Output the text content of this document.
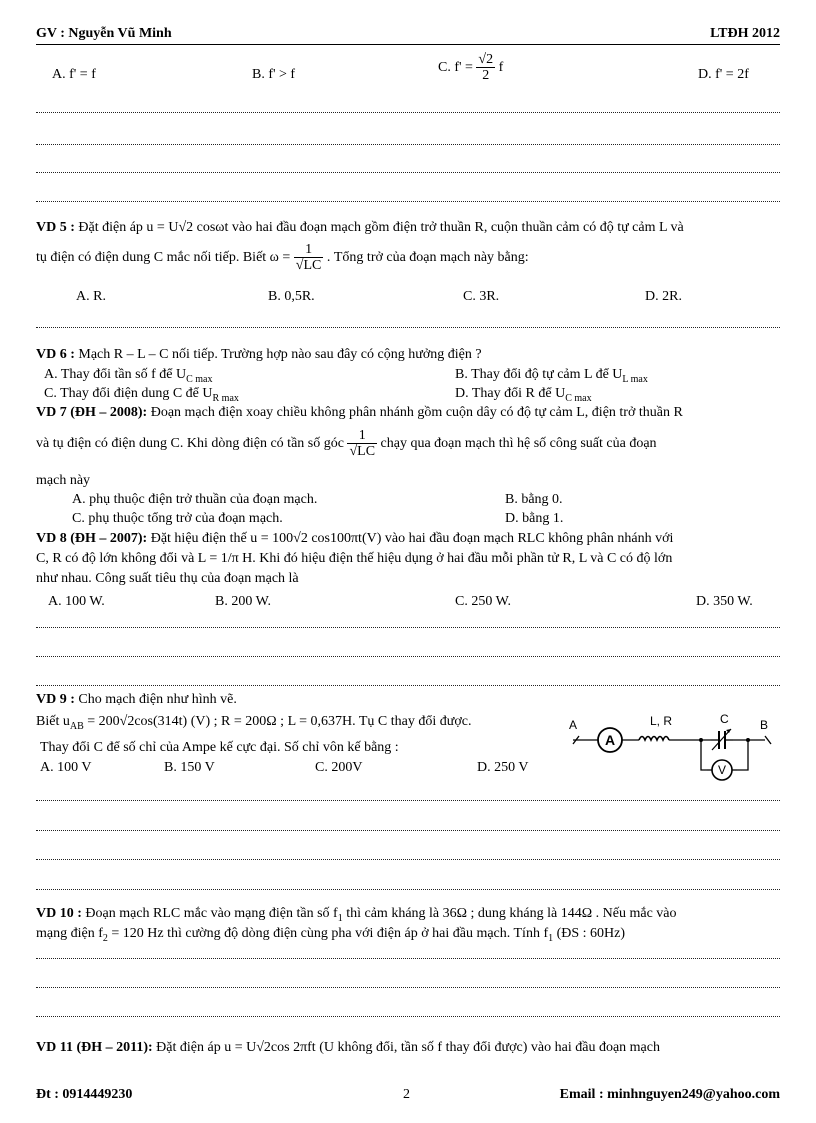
GV : Nguyễn Vũ Minh	LTĐH 2012
A. f' = f	B. f' > f	C. $f' = \frac{√2}{2}$ f	D. f' = 2f
VD 5 : Đặt điện áp u = U√2 cosωt vào hai đầu đoạn mạch gồm điện trở thuần R, cuộn thuần cảm có độ tự cảm L và
tụ điện có điện dung C mắc nối tiếp. Biết $\omega = \frac{1}{√LC}$ . Tổng trở của đoạn mạch này bằng:
A. R.	B. 0,5R.	C. 3R.	D. 2R.
VD 6 : Mạch R – L – C nối tiếp. Trường hợp nào sau đây có cộng hưởng điện ?
A. Thay đổi tần số f để $U_{C max}$	B. Thay đổi độ tự cảm L để $U_{L max}$
C. Thay đổi điện dung C để $U_{R max}$	D. Thay đổi R để $U_{C max}$
VD 7 (ĐH – 2008): Đoạn mạch điện xoay chiều không phân nhánh gồm cuộn dây có độ tự cảm L, điện trở thuần R
và tụ điện có điện dung C. Khi dòng điện có tần số góc $\frac{1}{√LC}$ chạy qua đoạn mạch thì hệ số công suất của đoạn
mạch này
A. phụ thuộc điện trở thuần của đoạn mạch.	B. bằng 0.
C. phụ thuộc tổng trở của đoạn mạch.	D. bằng 1.
VD 8 (ĐH – 2007): Đặt hiệu điện thế u = 100√2 cos100πt(V) vào hai đầu đoạn mạch RLC không phân nhánh với
C, R có độ lớn không đổi và L = 1/π H. Khi đó hiệu điện thế hiệu dụng ở hai đầu mỗi phần tử R, L và C có độ lớn
như nhau. Công suất tiêu thụ của đoạn mạch là
A. 100 W.	B. 200 W.	C. 250 W.	D. 350 W.
VD 9 : Cho mạch điện như hình vẽ.
Biết $u_{AB} = 200√2\cos(314t)$ (V) ; R = 200Ω ; L = 0,637H. Tụ C thay đổi được.
Thay đổi C để số chỉ của Ampe kế cực đại. Số chỉ vôn kế bằng :
A. 100 V	B. 150 V	C. 200V	D. 250 V
A	B
L, R	C
A
V
VD 10 : Đoạn mạch RLC mắc vào mạng điện tần số $f_1$ thì cảm kháng là 36Ω ; dung kháng là 144Ω . Nếu mắc vào
mạng điện $f_2 = 120$ Hz thì cường độ dòng điện cùng pha với điện áp ở hai đầu mạch. Tính $f_1$ (ĐS : 60Hz)
VD 11 (ĐH – 2011): Đặt điện áp u = U√2cos 2πft (U không đổi, tần số f thay đổi được) vào hai đầu đoạn mạch
Đt : 0914449230	2	Email : minhnguyen249@yahoo.com
